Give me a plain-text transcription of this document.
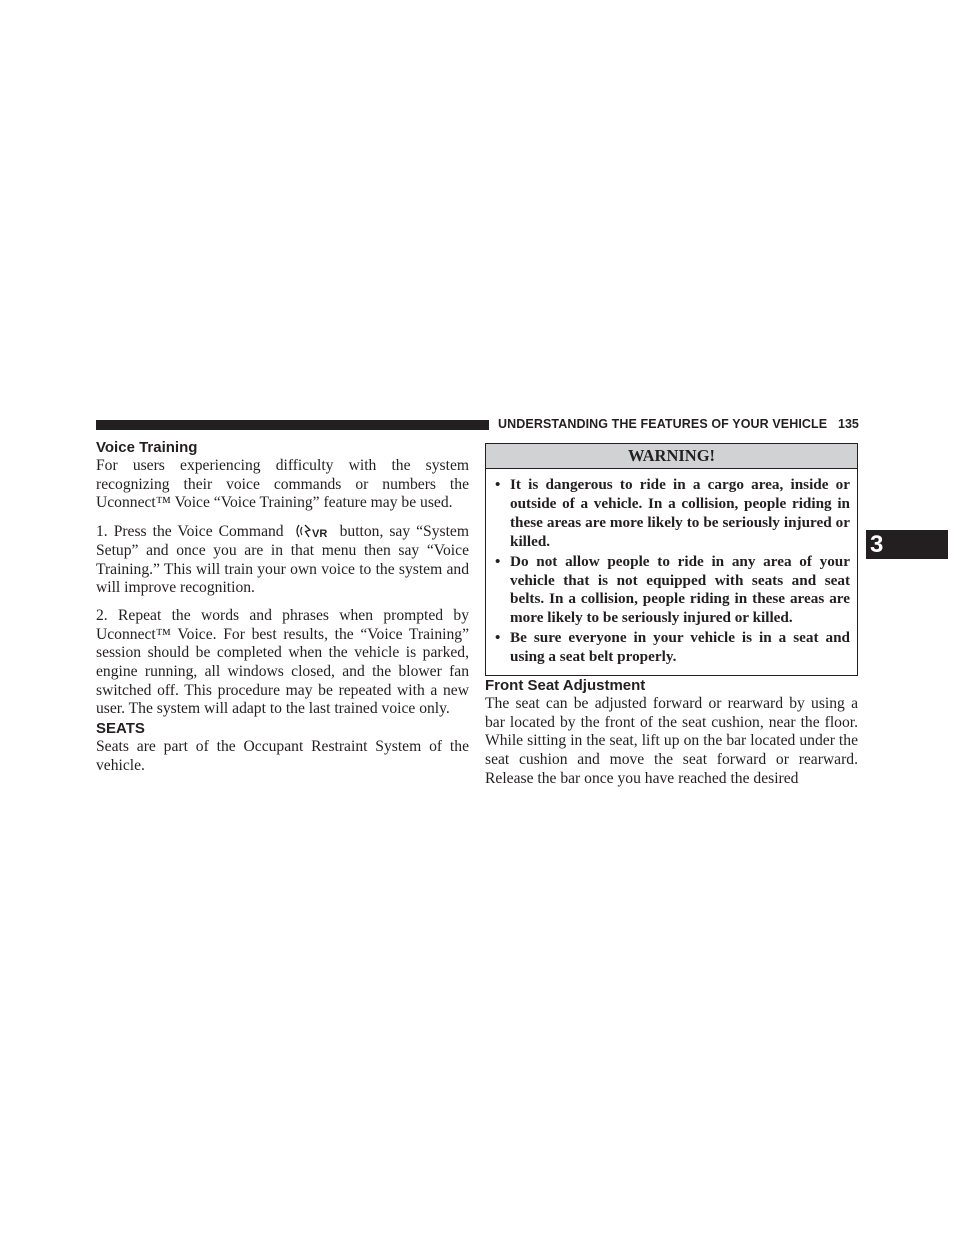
UNDERSTANDING THE FEATURES OF YOUR VEHICLE 135
3
Voice Training

For users experiencing difficulty with the system recognizing their voice commands or numbers the Uconnect™ Voice “Voice Training” feature may be used.

1. Press the Voice Command	VR button, say “System Setup” and once you are in that menu then say “Voice Training.” This will train your own voice to the system and will improve recognition.

2. Repeat the words and phrases when prompted by Uconnect™ Voice. For best results, the “Voice Training” session should be completed when the vehicle is parked, engine running, all windows closed, and the blower fan switched off. This procedure may be repeated with a new user. The system will adapt to the last trained voice only.

SEATS

Seats are part of the Occupant Restraint System of the vehicle.

WARNING!
• It is dangerous to ride in a cargo area, inside or outside of a vehicle. In a collision, people riding in these areas are more likely to be seriously injured or killed.
• Do not allow people to ride in any area of your vehicle that is not equipped with seats and seat belts. In a collision, people riding in these areas are more likely to be seriously injured or killed.
• Be sure everyone in your vehicle is in a seat and using a seat belt properly.
Front Seat Adjustment

The seat can be adjusted forward or rearward by using a bar located by the front of the seat cushion, near the floor. While sitting in the seat, lift up on the bar located under the seat cushion and move the seat forward or rearward. Release the bar once you have reached the desired
